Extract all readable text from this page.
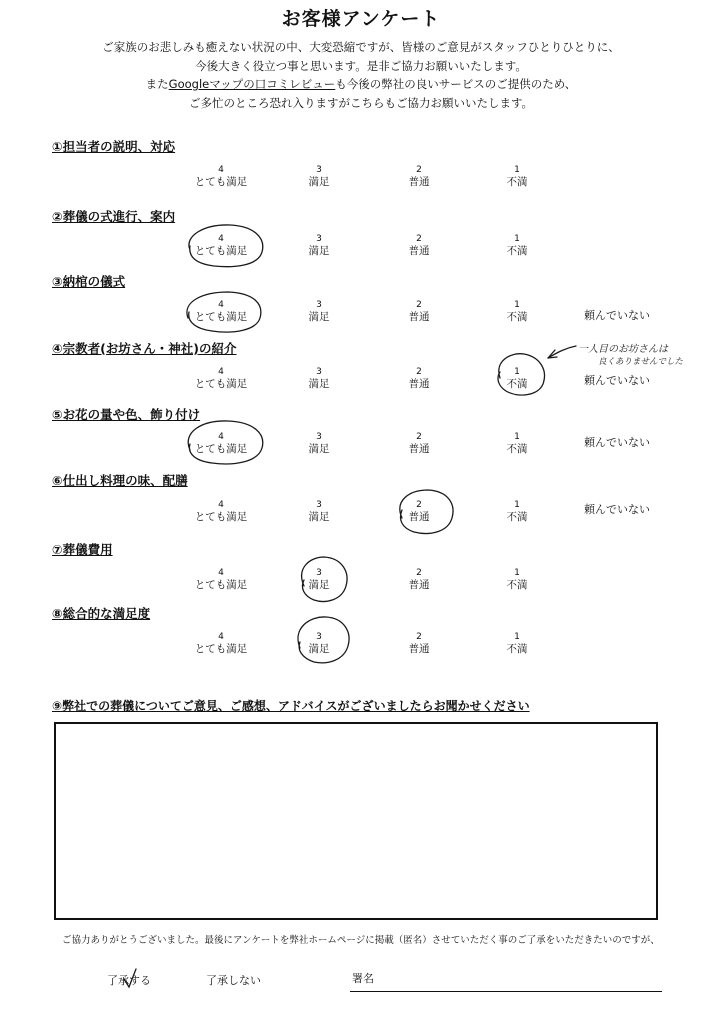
お客様アンケート
ご家族のお悲しみも癒えない状況の中、大変恐縮ですが、皆様のご意見がスタッフひとりひとりに、
今後大きく役立つ事と思います。是非ご協力お願いいたします。
またGoogleマップの口コミレビューも今後の弊社の良いサービスのご提供のため、
ご多忙のところ恐れ入りますがこちらもご協力お願いいたします。
①担当者の説明、対応
4
とても満足
3
満足
2
普通
1
不満
②葬儀の式進行、案内
4
とても満足
3
満足
2
普通
1
不満
③納棺の儀式
4
とても満足
3
満足
2
普通
1
不満	頼んでいない
④宗教者(お坊さん・神社)の紹介
4
とても満足
3
満足
2
普通
1
不満	頼んでいない
一人目のお坊さんは
良くありませんでした
⑤お花の量や色、飾り付け
4
とても満足
3
満足
2
普通
1
不満	頼んでいない
⑥仕出し料理の味、配膳
4
とても満足
3
満足
2
普通
1
不満
頼んでいない
⑦葬儀費用
4
とても満足
3
満足
2
普通
1
不満
⑧総合的な満足度
4
とても満足
3
満足
2
普通
1
不満
⑨弊社での葬儀についてご意見、ご感想、アドバイスがございましたらお聞かせください
ご協力ありがとうございました。最後にアンケートを弊社ホームページに掲載（匿名）させていただく事のご了承をいただきたいのですが、
了承する	了承しない	署名
